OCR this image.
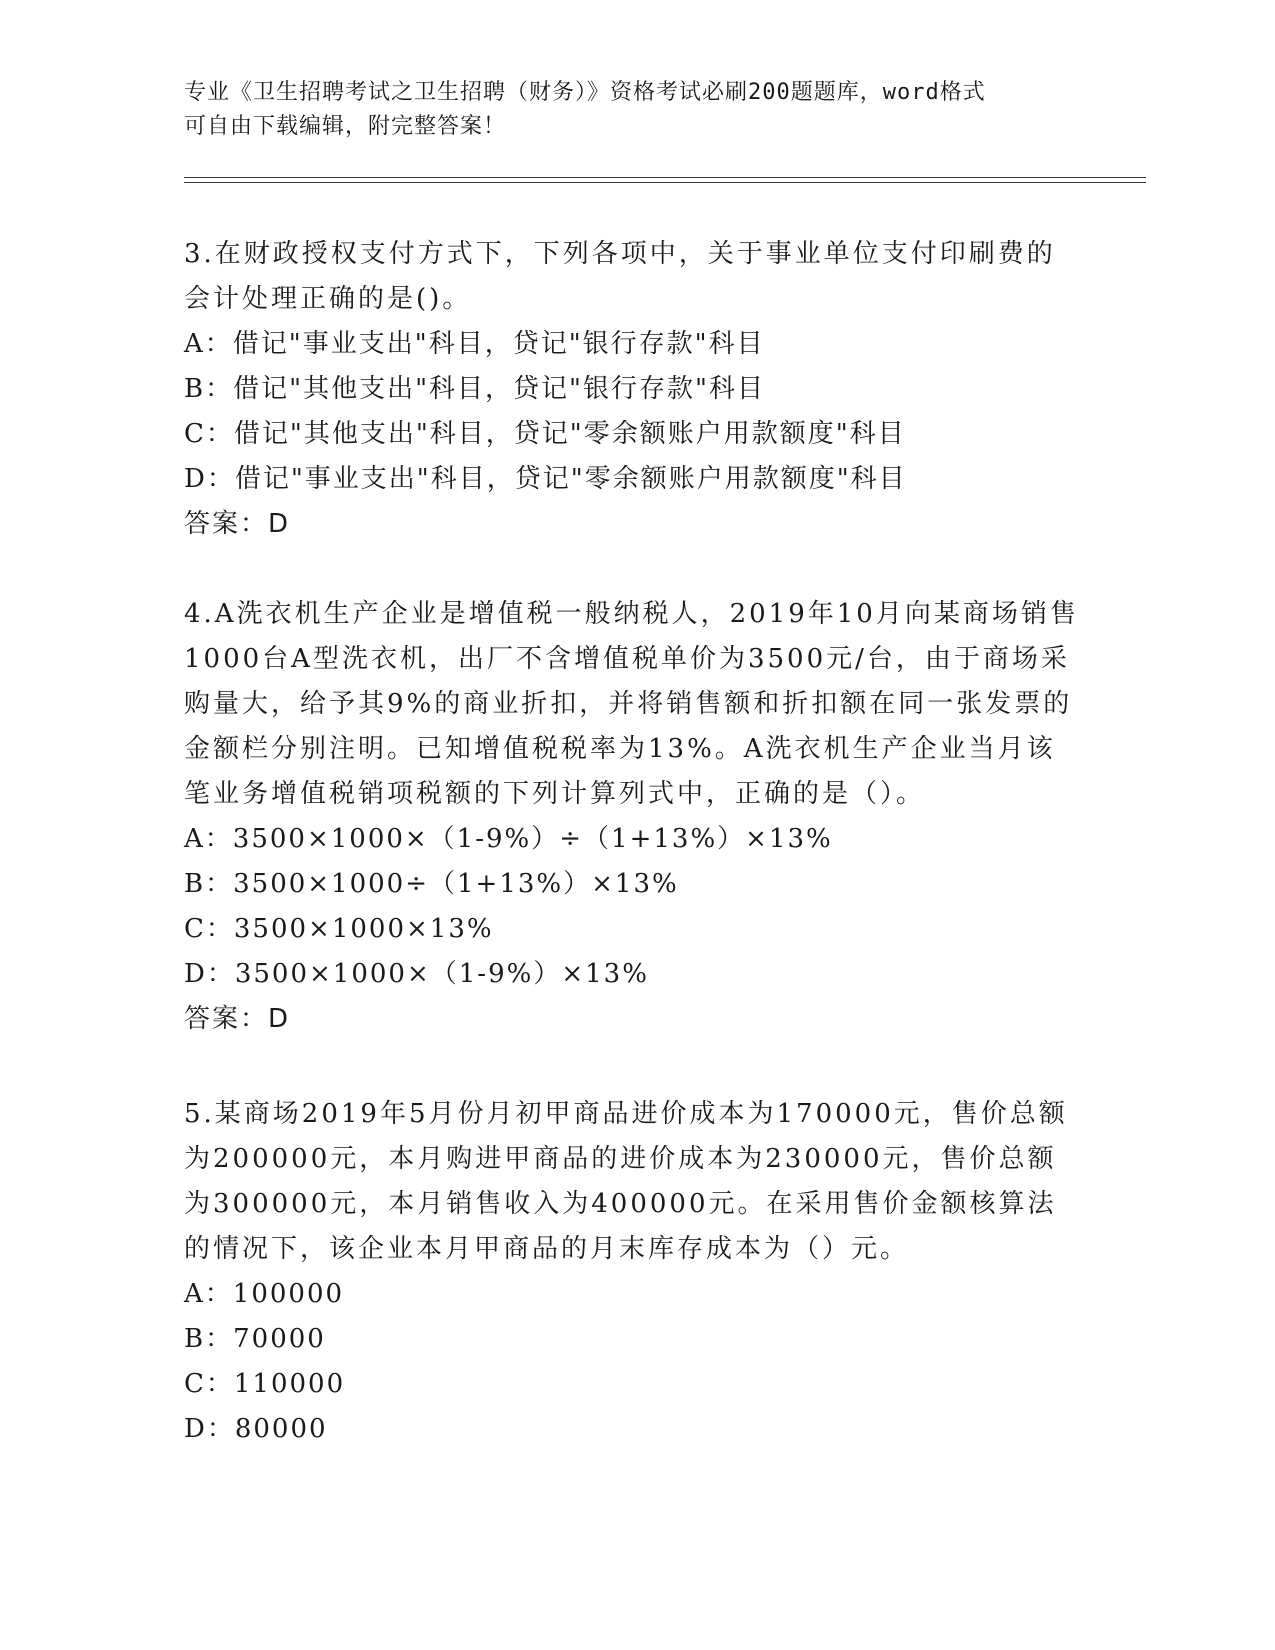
专业《卫生招聘考试之卫生招聘（财务）》资格考试必刷200题题库，word格式
可自由下载编辑，附完整答案！

3.在财政授权支付方式下，下列各项中，关于事业单位支付印刷费的会计处理正确的是()。

A：借记"事业支出"科目，贷记"银行存款"科目

B：借记"其他支出"科目，贷记"银行存款"科目

C：借记"其他支出"科目，贷记"零余额账户用款额度"科目

D：借记"事业支出"科目，贷记"零余额账户用款额度"科目

答案：D

4.A洗衣机生产企业是增值税一般纳税人，2019年10月向某商场销售1000台A型洗衣机，出厂不含增值税单价为3500元/台，由于商场采购量大，给予其9%的商业折扣，并将销售额和折扣额在同一张发票的金额栏分别注明。已知增值税税率为13%。A洗衣机生产企业当月该笔业务增值税销项税额的下列计算列式中，正确的是（）。

A：3500×1000×（1-9%）÷（1+13%）×13%

B：3500×1000÷（1+13%）×13%

C：3500×1000×13%

D：3500×1000×（1-9%）×13%

答案：D

5.某商场2019年5月份月初甲商品进价成本为170000元，售价总额为200000元，本月购进甲商品的进价成本为230000元，售价总额为300000元，本月销售收入为400000元。在采用售价金额核算法的情况下，该企业本月甲商品的月末库存成本为（）元。

A：100000

B：70000

C：110000

D：80000
